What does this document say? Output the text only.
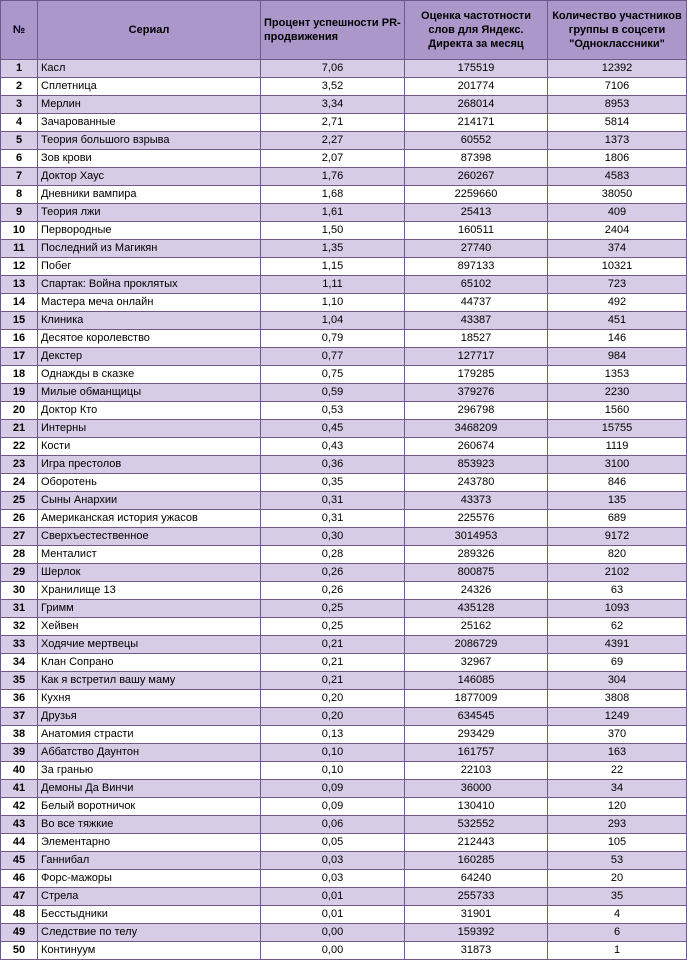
№	Сериал	Процент успешности PR-продвижения	Оценка частотности слов для Яндекс. Директа за месяц	Количество участников группы в соцсети "Одноклассники"
1	Касл	7,06	175519	12392
2	Сплетница	3,52	201774	7106
3	Мерлин	3,34	268014	8953
4	Зачарованные	2,71	214171	5814
5	Теория большого взрыва	2,27	60552	1373
6	Зов крови	2,07	87398	1806
7	Доктор Хаус	1,76	260267	4583
8	Дневники вампира	1,68	2259660	38050
9	Теория лжи	1,61	25413	409
10	Первородные	1,50	160511	2404
11	Последний из Магикян	1,35	27740	374
12	Побег	1,15	897133	10321
13	Спартак: Война проклятых	1,11	65102	723
14	Мастера меча онлайн	1,10	44737	492
15	Клиника	1,04	43387	451
16	Десятое королевство	0,79	18527	146
17	Декстер	0,77	127717	984
18	Однажды в сказке	0,75	179285	1353
19	Милые обманщицы	0,59	379276	2230
20	Доктор Кто	0,53	296798	1560
21	Интерны	0,45	3468209	15755
22	Кости	0,43	260674	1119
23	Игра престолов	0,36	853923	3100
24	Оборотень	0,35	243780	846
25	Сыны Анархии	0,31	43373	135
26	Американская история ужасов	0,31	225576	689
27	Сверхъестественное	0,30	3014953	9172
28	Менталист	0,28	289326	820
29	Шерлок	0,26	800875	2102
30	Хранилище 13	0,26	24326	63
31	Гримм	0,25	435128	1093
32	Хейвен	0,25	25162	62
33	Ходячие мертвецы	0,21	2086729	4391
34	Клан Сопрано	0,21	32967	69
35	Как я встретил вашу маму	0,21	146085	304
36	Кухня	0,20	1877009	3808
37	Друзья	0,20	634545	1249
38	Анатомия страсти	0,13	293429	370
39	Аббатство Даунтон	0,10	161757	163
40	За гранью	0,10	22103	22
41	Демоны Да Винчи	0,09	36000	34
42	Белый воротничок	0,09	130410	120
43	Во все тяжкие	0,06	532552	293
44	Элементарно	0,05	212443	105
45	Ганнибал	0,03	160285	53
46	Форс-мажоры	0,03	64240	20
47	Стрела	0,01	255733	35
48	Бесстыдники	0,01	31901	4
49	Следствие по телу	0,00	159392	6
50	Континуум	0,00	31873	1
